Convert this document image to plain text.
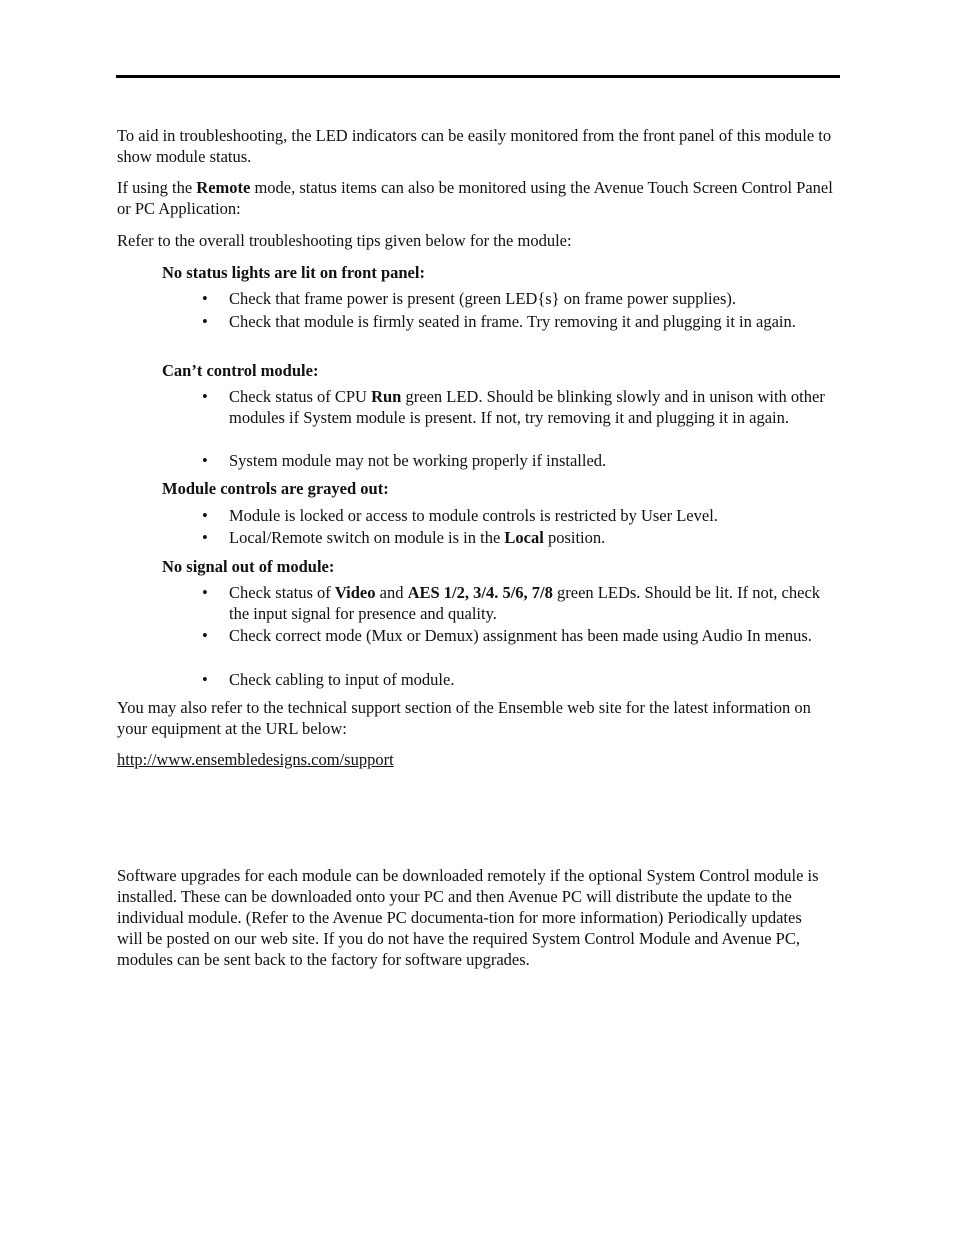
To aid in troubleshooting, the LED indicators can be easily monitored from the front panel of this module to show module status.

If using the Remote mode, status items can also be monitored using the Avenue Touch Screen Control Panel or PC Application:

Refer to the overall troubleshooting tips given below for the module:

No status lights are lit on front panel:

• Check that frame power is present (green LED{s} on frame power supplies).

• Check that module is firmly seated in frame. Try removing it and plugging it in again.

Can’t control module:

• Check status of CPU Run green LED. Should be blinking slowly and in unison with other modules if System module is present. If not, try removing it and plugging it in again.

• System module may not be working properly if installed.

Module controls are grayed out:

• Module is locked or access to module controls is restricted by User Level.

• Local/Remote switch on module is in the Local position.

No signal out of module:

• Check status of Video and AES 1/2, 3/4. 5/6, 7/8 green LEDs. Should be lit. If not, check the input signal for presence and quality.

• Check correct mode (Mux or Demux) assignment has been made using Audio In menus.

• Check cabling to input of module.

You may also refer to the technical support section of the Ensemble web site for the latest information on your equipment at the URL below:

http://www.ensembledesigns.com/support

Software upgrades for each module can be downloaded remotely if the optional System Control module is installed. These can be downloaded onto your PC and then Avenue PC will distribute the update to the individual module. (Refer to the Avenue PC documenta-tion for more information) Periodically updates will be posted on our web site. If you do not have the required System Control Module and Avenue PC, modules can be sent back to the factory for software upgrades.
